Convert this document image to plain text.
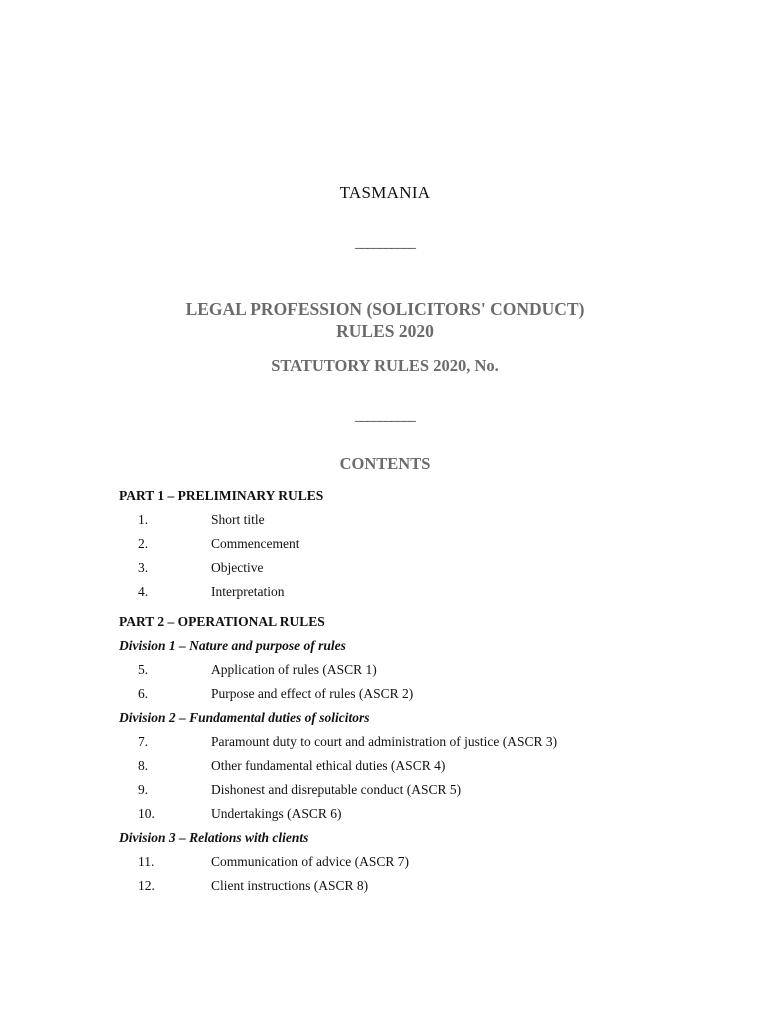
TASMANIA
__________
LEGAL PROFESSION (SOLICITORS' CONDUCT)
RULES 2020
STATUTORY RULES 2020, No.
__________
CONTENTS
PART 1 – PRELIMINARY RULES
1.	Short title
2.	Commencement
3.	Objective
4.	Interpretation
PART 2 – OPERATIONAL RULES
Division 1 – Nature and purpose of rules
5.	Application of rules (ASCR 1)
6.	Purpose and effect of rules (ASCR 2)
Division 2 – Fundamental duties of solicitors
7.	Paramount duty to court and administration of justice (ASCR 3)
8.	Other fundamental ethical duties (ASCR 4)
9.	Dishonest and disreputable conduct (ASCR 5)
10.	Undertakings (ASCR 6)
Division 3 – Relations with clients
11.	Communication of advice (ASCR 7)
12.	Client instructions (ASCR 8)
